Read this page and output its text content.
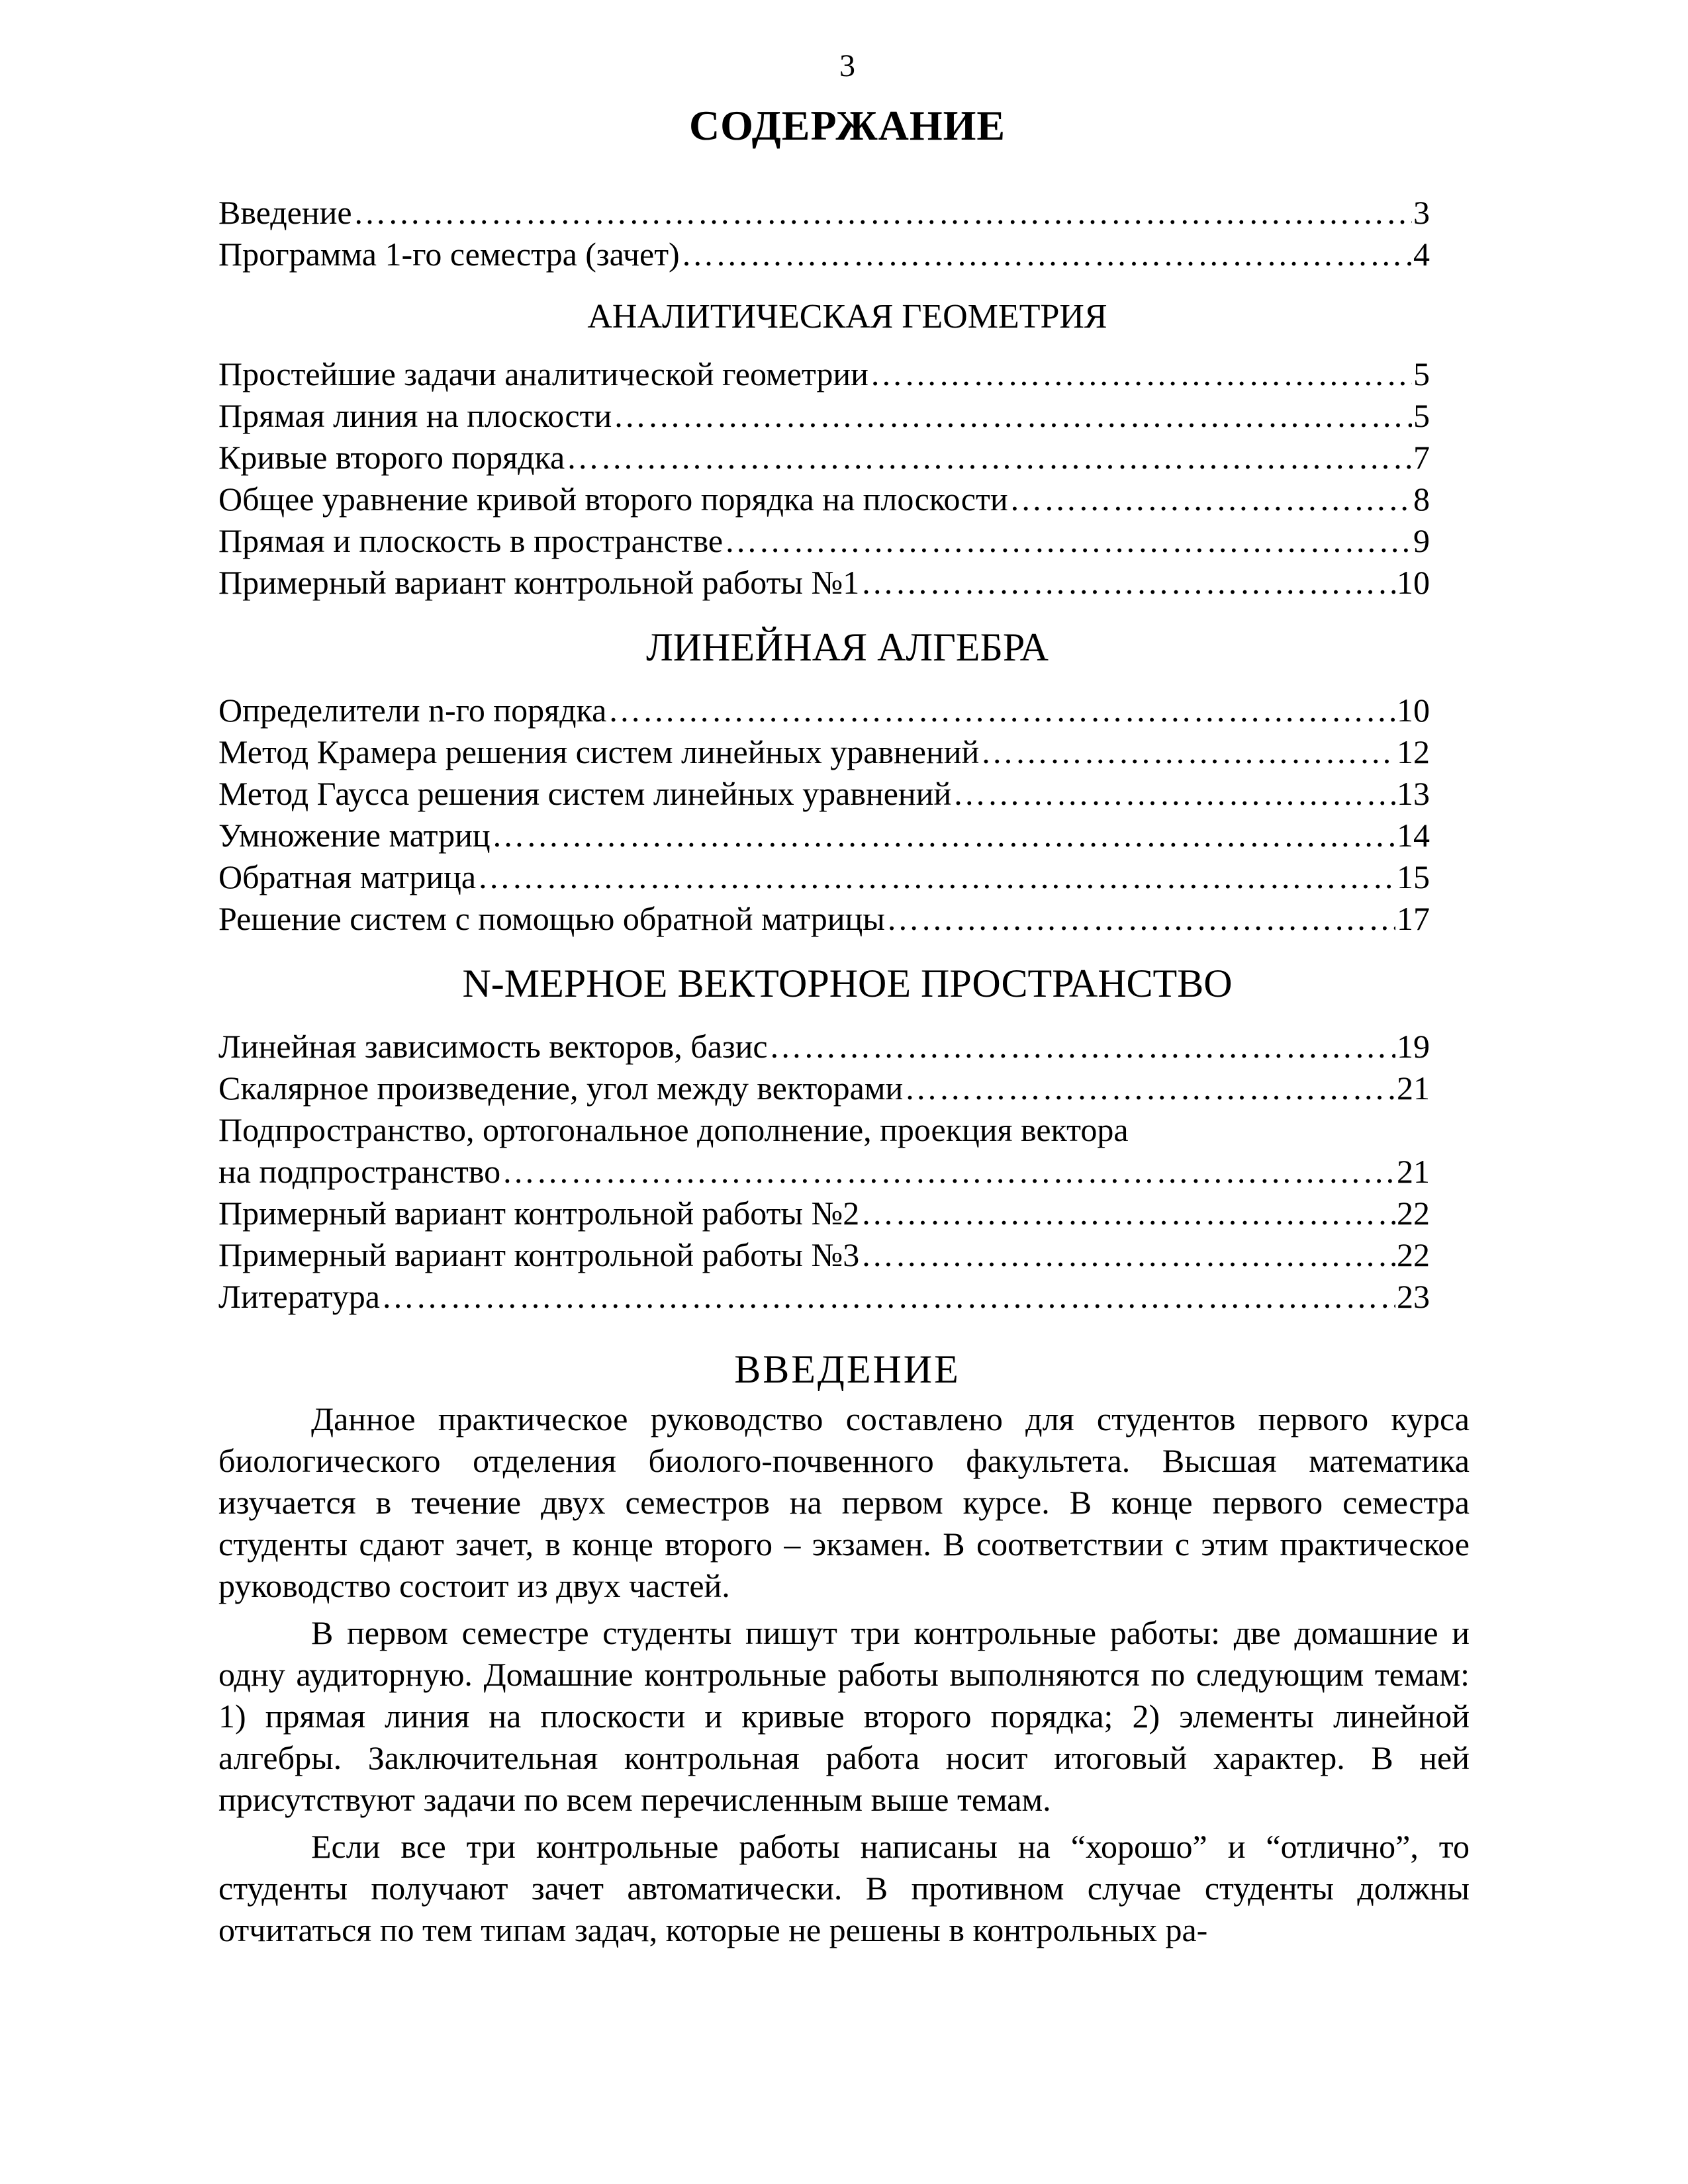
3
СОДЕРЖАНИЕ
Введение ……………………………………………………………………………………………………………………………………………………………………………………………………………………………………………………	3
Программа 1-го семестра (зачет) ……………………………………………………………………………………………………………………………………………………………………………………………………………………………………………………	4
АНАЛИТИЧЕСКАЯ ГЕОМЕТРИЯ
Простейшие задачи аналитической геометрии ……………………………………………………………………………………………………………………………………………………………………………………………………………………………………………………	5
Прямая линия на плоскости ……………………………………………………………………………………………………………………………………………………………………………………………………………………………………………………	5
Кривые второго порядка ……………………………………………………………………………………………………………………………………………………………………………………………………………………………………………………	7
Общее уравнение кривой второго порядка на плоскости ……………………………………………………………………………………………………………………………………………………………………………………………………………………………………………………	8
Прямая и плоскость в пространстве ……………………………………………………………………………………………………………………………………………………………………………………………………………………………………………………	9
Примерный вариант контрольной работы №1 ……………………………………………………………………………………………………………………………………………………………………………………………………………………………………………………	10
ЛИНЕЙНАЯ АЛГЕБРА
Определители n-го порядка ……………………………………………………………………………………………………………………………………………………………………………………………………………………………………………………	10
Метод Крамера решения систем линейных уравнений ……………………………………………………………………………………………………………………………………………………………………………………………………………………………………………………	12
Метод Гаусса решения систем линейных уравнений ……………………………………………………………………………………………………………………………………………………………………………………………………………………………………………………	13
Умножение матриц ……………………………………………………………………………………………………………………………………………………………………………………………………………………………………………………	14
Обратная матрица ……………………………………………………………………………………………………………………………………………………………………………………………………………………………………………………	15
Решение систем с помощью обратной матрицы ……………………………………………………………………………………………………………………………………………………………………………………………………………………………………………………	17
N-МЕРНОЕ ВЕКТОРНОЕ ПРОСТРАНСТВО
Линейная зависимость векторов, базис ……………………………………………………………………………………………………………………………………………………………………………………………………………………………………………………	19
Скалярное произведение, угол между векторами ……………………………………………………………………………………………………………………………………………………………………………………………………………………………………………………	21
Подпространство, ортогональное дополнение, проекция вектора
на подпространство ……………………………………………………………………………………………………………………………………………………………………………………………………………………………………………………	21
Примерный вариант контрольной работы №2 ……………………………………………………………………………………………………………………………………………………………………………………………………………………………………………………	22
Примерный вариант контрольной работы №3 ……………………………………………………………………………………………………………………………………………………………………………………………………………………………………………………	22
Литература ……………………………………………………………………………………………………………………………………………………………………………………………………………………………………………………	23
ВВЕДЕНИЕ

Данное практическое руководство составлено для студентов первого курса биологического отделения биолого-почвенного факультета. Высшая математика изучается в течение двух семестров на первом курсе. В конце первого семестра студенты сдают зачет, в конце второго – экзамен. В соответствии с этим практическое руководство состоит из двух частей.

В первом семестре студенты пишут три контрольные работы: две домашние и одну аудиторную. Домашние контрольные работы выполняются по следующим темам: 1) прямая линия на плоскости и кривые второго порядка; 2) элементы линейной алгебры. Заключительная контрольная работа носит итоговый характер. В ней присутствуют задачи по всем перечисленным выше темам.

Если все три контрольные работы написаны на “хорошо” и “отлично”, то студенты получают зачет автоматически. В противном случае студенты должны отчитаться по тем типам задач, которые не решены в контрольных ра-
